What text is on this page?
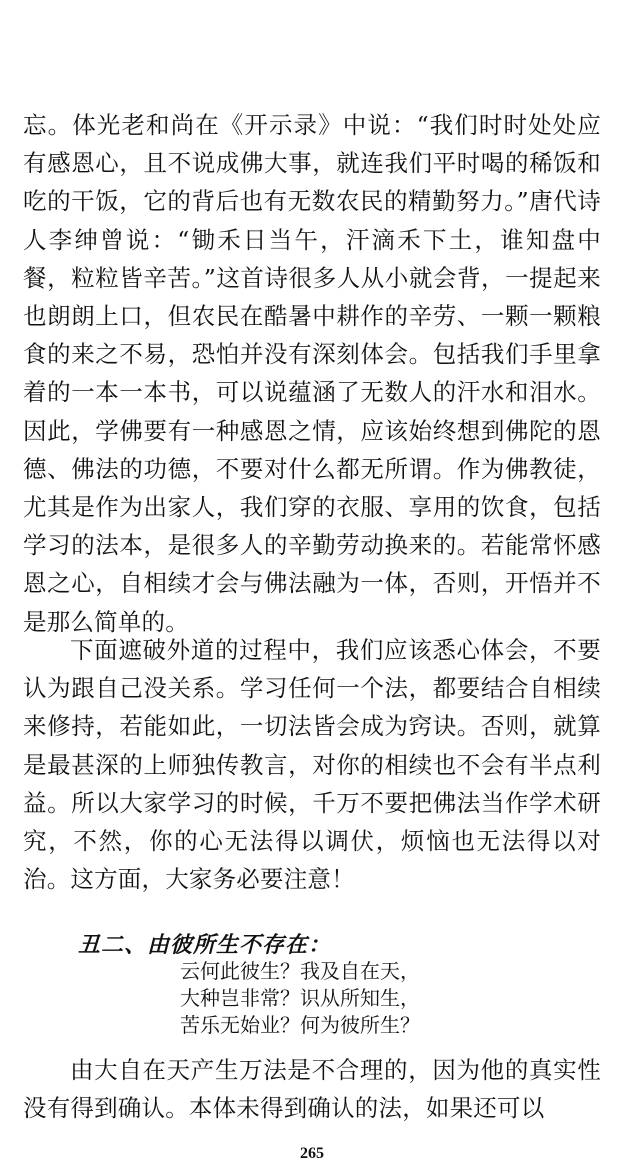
忘。体光老和尚在《开示录》中说：“我们时时处处应有感恩心，且不说成佛大事，就连我们平时喝的稀饭和吃的干饭，它的背后也有无数农民的精勤努力。”唐代诗人李绅曾说：“锄禾日当午，汗滴禾下土，谁知盘中餐，粒粒皆辛苦。”这首诗很多人从小就会背，一提起来也朗朗上口，但农民在酷暑中耕作的辛劳、一颗一颗粮食的来之不易，恐怕并没有深刻体会。包括我们手里拿着的一本一本书，可以说蕴涵了无数人的汗水和泪水。因此，学佛要有一种感恩之情，应该始终想到佛陀的恩德、佛法的功德，不要对什么都无所谓。作为佛教徒，尤其是作为出家人，我们穿的衣服、享用的饮食，包括学习的法本，是很多人的辛勤劳动换来的。若能常怀感恩之心，自相续才会与佛法融为一体，否则，开悟并不是那么简单的。

下面遮破外道的过程中，我们应该悉心体会，不要认为跟自己没关系。学习任何一个法，都要结合自相续来修持，若能如此，一切法皆会成为窍诀。否则，就算是最甚深的上师独传教言，对你的相续也不会有半点利益。所以大家学习的时候，千万不要把佛法当作学术研究，不然，你的心无法得以调伏，烦恼也无法得以对治。这方面，大家务必要注意！

丑二、由彼所生不存在：

云何此彼生？我及自在天，
大种岂非常？识从所知生，
苦乐无始业？何为彼所生？

由大自在天产生万法是不合理的，因为他的真实性没有得到确认。本体未得到确认的法，如果还可以

265
